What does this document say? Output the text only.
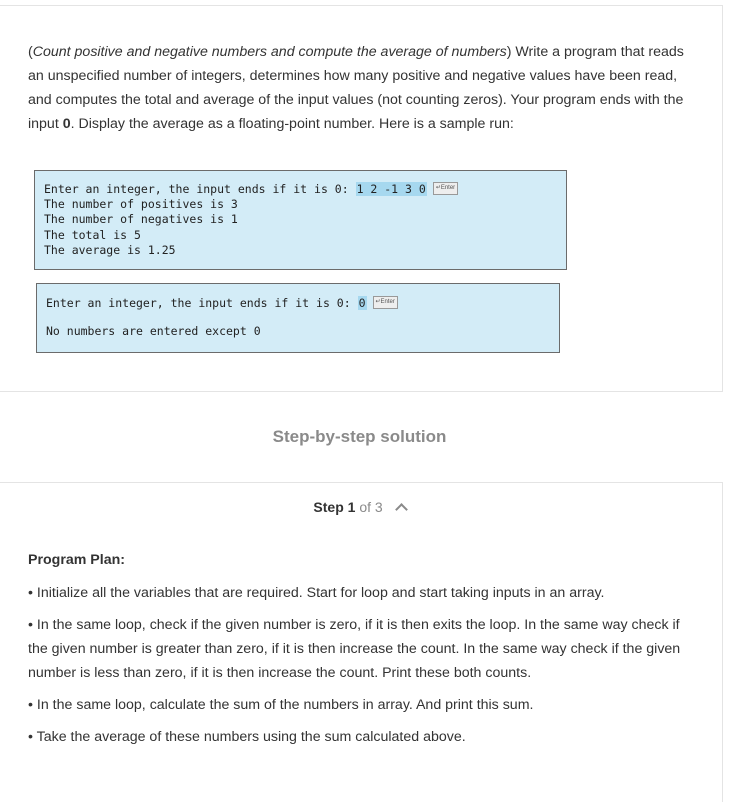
(Count positive and negative numbers and compute the average of numbers) Write a program that reads an unspecified number of integers, determines how many positive and negative values have been read, and computes the total and average of the input values (not counting zeros). Your program ends with the input 0. Display the average as a floating-point number. Here is a sample run:
Enter an integer, the input ends if it is 0: 1 2 -1 3 0 ↵Enter
The number of positives is 3
The number of negatives is 1
The total is 5
The average is 1.25
Enter an integer, the input ends if it is 0: 0 ↵Enter
No numbers are entered except 0
Step-by-step solution
Step 1 of 3
Program Plan:
• Initialize all the variables that are required. Start for loop and start taking inputs in an array.
• In the same loop, check if the given number is zero, if it is then exits the loop. In the same way check if the given number is greater than zero, if it is then increase the count. In the same way check if the given number is less than zero, if it is then increase the count. Print these both counts.
• In the same loop, calculate the sum of the numbers in array. And print this sum.
• Take the average of these numbers using the sum calculated above.
